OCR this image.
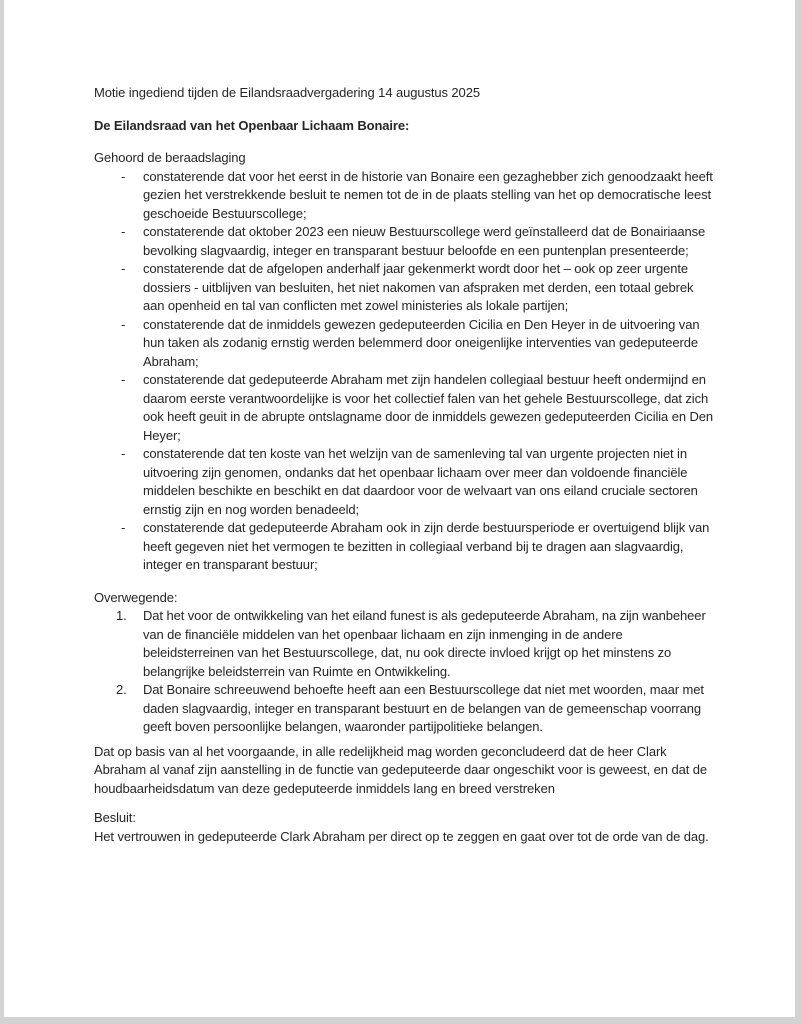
Motie ingediend tijden de Eilandsraadvergadering 14 augustus 2025

De Eilandsraad van het Openbaar Lichaam Bonaire:

Gehoord de beraadslaging

- constaterende dat voor het eerst in de historie van Bonaire een gezaghebber zich genoodzaakt heeft gezien het verstrekkende besluit te nemen tot de in de plaats stelling van het op democratische leest geschoeide Bestuurscollege;
- constaterende dat oktober 2023 een nieuw Bestuurscollege werd geïnstalleerd dat de Bonairiaanse bevolking slagvaardig, integer en transparant bestuur beloofde en een puntenplan presenteerde;
- constaterende dat de afgelopen anderhalf jaar gekenmerkt wordt door het – ook op zeer urgente dossiers - uitblijven van besluiten, het niet nakomen van afspraken met derden, een totaal gebrek aan openheid en tal van conflicten met zowel ministeries als lokale partijen;
- constaterende dat de inmiddels gewezen gedeputeerden Cicilia en Den Heyer in de uitvoering van hun taken als zodanig ernstig werden belemmerd door oneigenlijke interventies van gedeputeerde Abraham;
- constaterende dat gedeputeerde Abraham met zijn handelen collegiaal bestuur heeft ondermijnd en daarom eerste verantwoordelijke is voor het collectief falen van het gehele Bestuurscollege, dat zich ook heeft geuit in de abrupte ontslagname door de inmiddels gewezen gedeputeerden Cicilia en Den Heyer;
- constaterende dat ten koste van het welzijn van de samenleving tal van urgente projecten niet in uitvoering zijn genomen, ondanks dat het openbaar lichaam over meer dan voldoende financiële middelen beschikte en beschikt en dat daardoor voor de welvaart van ons eiland cruciale sectoren ernstig zijn en nog worden benadeeld;
- constaterende dat gedeputeerde Abraham ook in zijn derde bestuursperiode er overtuigend blijk van heeft gegeven niet het vermogen te bezitten in collegiaal verband bij te dragen aan slagvaardig, integer en transparant bestuur;

Overwegende:

1. Dat het voor de ontwikkeling van het eiland funest is als gedeputeerde Abraham, na zijn wanbeheer van de financiële middelen van het openbaar lichaam en zijn inmenging in de andere beleidsterreinen van het Bestuurscollege, dat, nu ook directe invloed krijgt op het minstens zo belangrijke beleidsterrein van Ruimte en Ontwikkeling.
2. Dat Bonaire schreeuwend behoefte heeft aan een Bestuurscollege dat niet met woorden, maar met daden slagvaardig, integer en transparant bestuurt en de belangen van de gemeenschap voorrang geeft boven persoonlijke belangen, waaronder partijpolitieke belangen.

Dat op basis van al het voorgaande, in alle redelijkheid mag worden geconcludeerd dat de heer Clark Abraham al vanaf zijn aanstelling in de functie van gedeputeerde daar ongeschikt voor is geweest, en dat de houdbaarheidsdatum van deze gedeputeerde inmiddels lang en breed verstreken

Besluit:

Het vertrouwen in gedeputeerde Clark Abraham per direct op te zeggen en gaat over tot de orde van de dag.
